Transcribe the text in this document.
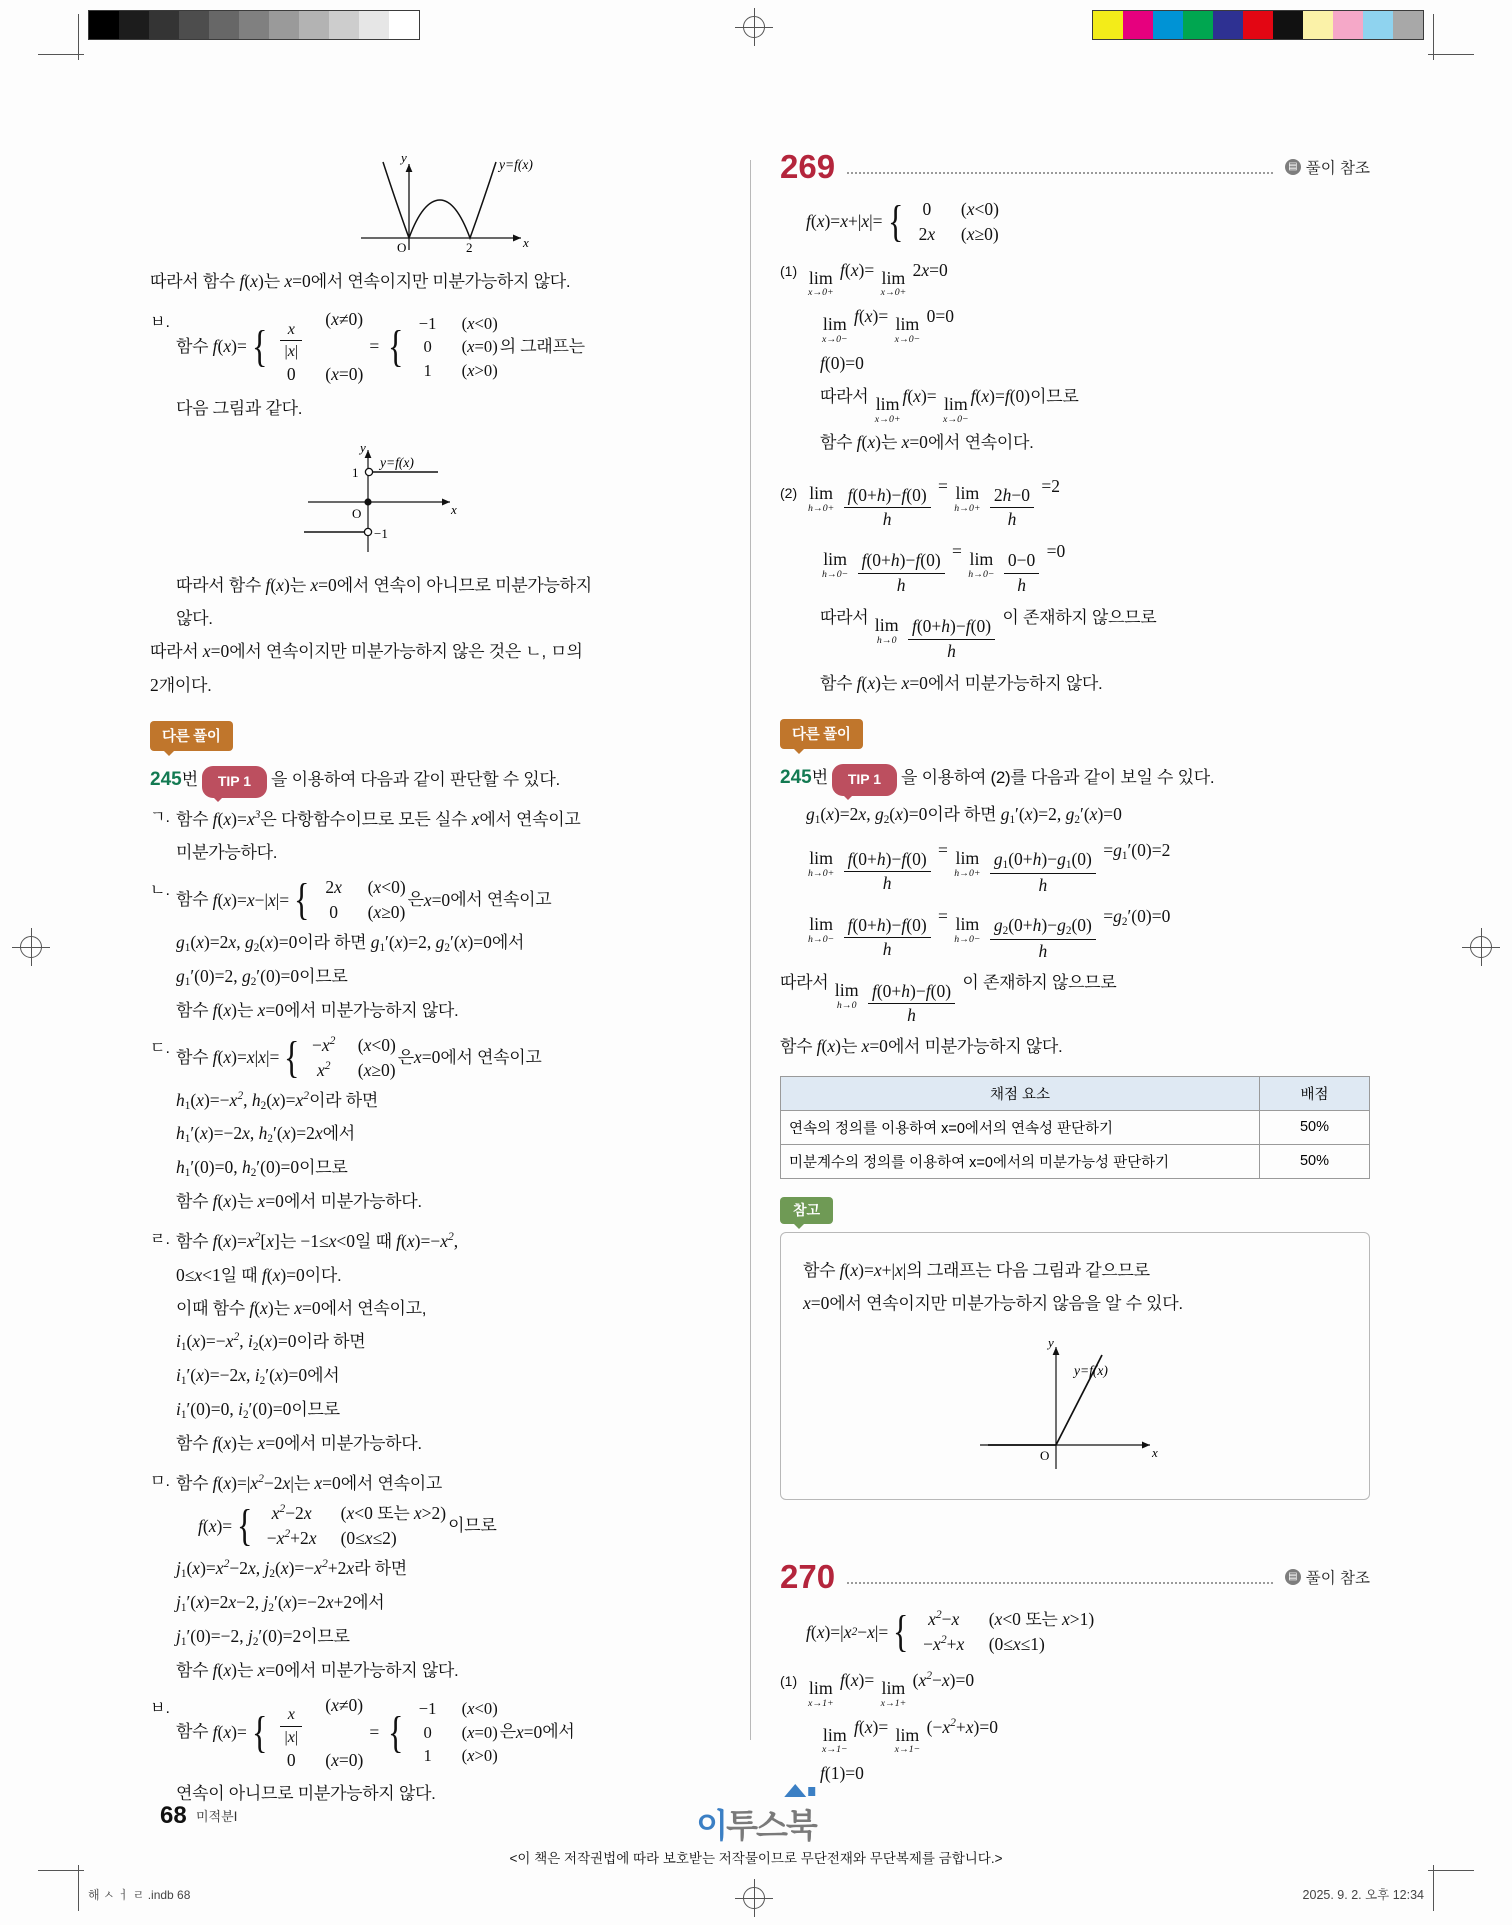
y
x
O	2
y=f(x)
따라서 함수 f(x)는 x=0에서 연속이지만 미분가능하지 않다.
ㅂ.
함수 f ( x )= { $\frac{x}{|x|}$
(x≠0)
0	(x=0)
= { −1	(x<0)
0	(x=0)
1	(x>0)
의 그래프는
다음 그림과 같다.
y
x
O
1
−1
y=f(x)
따라서 함수 f(x)는 x=0에서 연속이 아니므로 미분가능하지
않다.
따라서 x=0에서 연속이지만 미분가능하지 않은 것은 ㄴ, ㅁ의
2개이다.
다른 풀이
245 번	TIP 1	을 이용하여 다음과 같이 판단할 수 있다.
ㄱ. 함수 $f(x)=x^3$은 다항함수이므로 모든 실수 x에서 연속이고
미분가능하다.
ㄴ. 함수 f ( x )= x −| x |= { 2x	(x<0)
0	(x≥0)
은 x =0 에서 연속이고
$g_1(x)=2x$, $g_2(x)=0$이라 하면 $g_1'(x)=2$, $g_2'(x)=0$에서
$g_1'(0)=2$, $g_2'(0)=0$이므로
함수 f(x)는 x=0에서 미분가능하지 않다.
ㄷ. 함수 f ( x )= x | x |= { $-x^2$	(x<0)
$x^2$	(x≥0)
은 x =0 에서 연속이고
$h_1(x)=-x^2$, $h_2(x)=x^2$이라 하면
$h_1'(x)=-2x$, $h_2'(x)=2x$에서
$h_1'(0)=0$, $h_2'(0)=0$이므로
함수 f(x)는 x=0에서 미분가능하다.
ㄹ. 함수 $f(x)=x^2[x]$는 −1≤x<0일 때 $f(x)=-x^2$,
0≤x<1일 때 f(x)=0이다.
이때 함수 f(x)는 x=0에서 연속이고,
$i_1(x)=-x^2$, $i_2(x)=0$이라 하면
$i_1'(x)=-2x$, $i_2'(x)=0$에서
$i_1'(0)=0$, $i_2'(0)=0$이므로
함수 f(x)는 x=0에서 미분가능하다.
ㅁ. 함수 $f(x)=|x^2-2x|$는 x=0에서 연속이고
f ( x )= {	$x^2-2x$	(x<0 또는 x>2)
$-x^2+2x$	(0≤x≤2)
이므로
$j_1(x)=x^2-2x$, $j_2(x)=-x^2+2x$라 하면
$j_1'(x)=2x-2$, $j_2'(x)=-2x+2$에서
$j_1'(0)=-2$, $j_2'(0)=2$이므로
함수 f(x)는 x=0에서 미분가능하지 않다.
ㅂ.
함수 f ( x )= { $\frac{x}{|x|}$
(x≠0)
0	(x=0)
= { −1	(x<0)
0	(x=0)
1	(x>0)
은 x =0 에서
연속이 아니므로 미분가능하지 않다.
269	▤ 풀이 참조
f ( x )= x +| x |= {	0	(x<0)
2x	(x≥0)
(1) lim
x→0+
f(x)= lim
x→0+
2x=0
lim
x→0−
f(x)= lim
x→0−
0=0
f(0)=0
따라서 lim
x→0+
f(x)= lim
x→0−
f(x)=f(0)이므로
함수 f(x)는 x=0에서 연속이다.
(2) lim
h→0+
$\frac{f(0+h)-f(0)}{h} = \lim$
h→0+
$\frac{2h-0}{h} =2$
lim
h→0−
$\frac{f(0+h)-f(0)}{h} = \lim$
h→0−
$\frac{0-0}{h} =0$
따라서 lim
h→0
$\frac{f(0+h)-f(0)}{h}$ 이 존재하지 않으므로
함수 f(x)는 x=0에서 미분가능하지 않다.
다른 풀이
245 번	TIP 1	을 이용하여 (2)를 다음과 같이 보일 수 있다.
$g_1(x)=2x$, $g_2(x)=0$이라 하면 $g_1'(x)=2$, $g_2'(x)=0$
lim
h→0+
$\frac{f(0+h)-f(0)}{h} = \lim$
h→0+
$\frac{g_1(0+h)-g_1(0)}{h} =g_1'(0)=2$
lim
h→0−
$\frac{f(0+h)-f(0)}{h} = \lim$
h→0−
$\frac{g_2(0+h)-g_2(0)}{h} =g_2'(0)=0$
따라서 lim
h→0
$\frac{f(0+h)-f(0)}{h}$ 이 존재하지 않으므로
함수 f(x)는 x=0에서 미분가능하지 않다.
채점 요소	배점
연속의 정의를 이용하여 x=0에서의 연속성 판단하기	50%
미분계수의 정의를 이용하여 x=0에서의 미분가능성 판단하기	50%
참고
함수 f(x)=x+|x|의 그래프는 다음 그림과 같으므로
x=0에서 연속이지만 미분가능하지 않음을 알 수 있다.
y
x
O
y=f(x)
270	▤ 풀이 참조
f ( x )=| x 2 − x |= {	$x^2-x$	(x<0 또는 x>1)
$-x^2+x$	(0≤x≤1)
(1) lim
x→1+
f(x)= lim
x→1+
$(x^2-x)=0$
lim
x→1−
f(x)= lim
x→1−
$(-x^2+x)=0$
f(1)=0
68 미적분Ⅰ	이투스북
<이 책은 저작권법에 따라 보호받는 저작물이므로 무단전재와 무단복제를 금합니다.>
해 ㅅ ㅓ ㄹ .indb 68	2025. 9. 2. 오후 12:34
